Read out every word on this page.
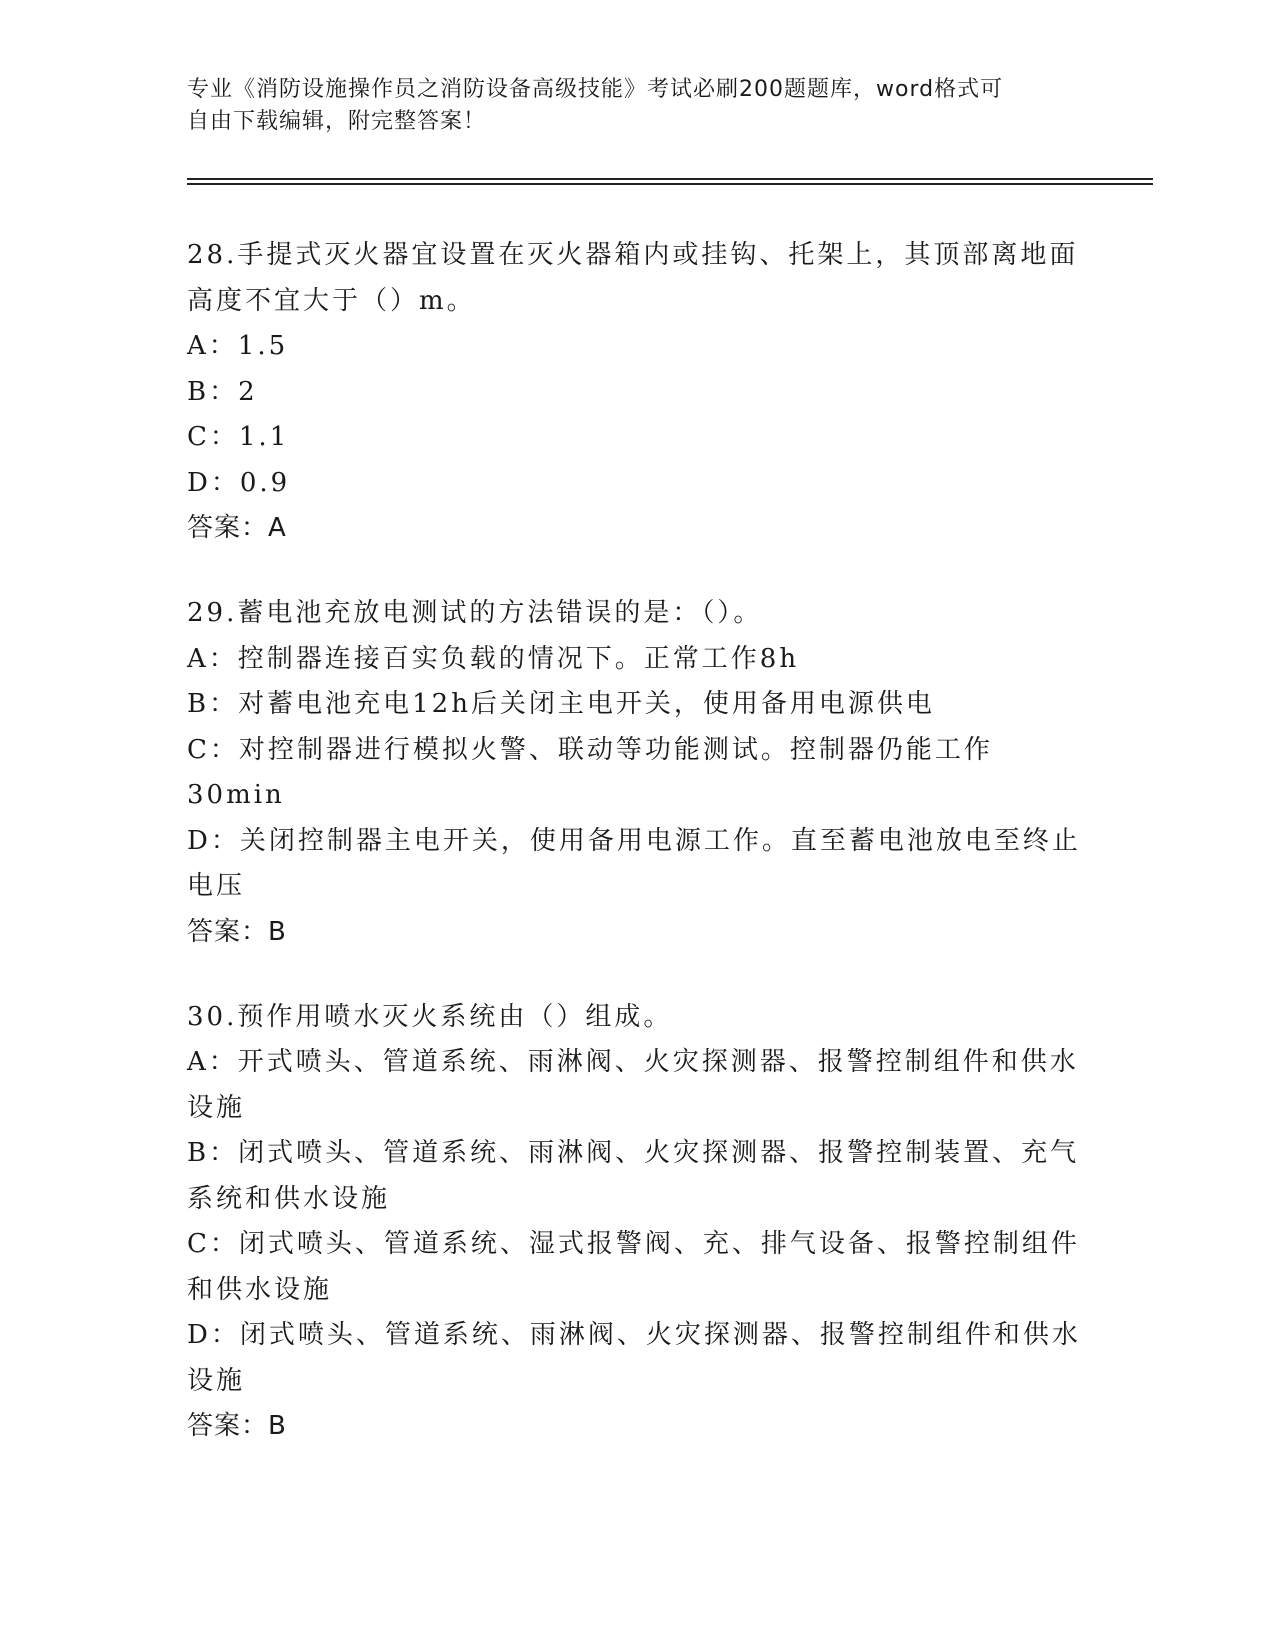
专业《消防设施操作员之消防设备高级技能》考试必刷200题题库，word格式可
自由下载编辑，附完整答案！
28.手提式灭火器宜设置在灭火器箱内或挂钩、托架上，其顶部离地面
高度不宜大于（）m。
A：1.5
B：2
C：1.1
D：0.9
答案：A
29.蓄电池充放电测试的方法错误的是：（）。
A：控制器连接百实负载的情况下。正常工作8h
B：对蓄电池充电12h后关闭主电开关，使用备用电源供电
C：对控制器进行模拟火警、联动等功能测试。控制器仍能工作30min
D：关闭控制器主电开关，使用备用电源工作。直至蓄电池放电至终止
电压
答案：B
30.预作用喷水灭火系统由（）组成。
A：开式喷头、管道系统、雨淋阀、火灾探测器、报警控制组件和供水
设施
B：闭式喷头、管道系统、雨淋阀、火灾探测器、报警控制装置、充气
系统和供水设施
C：闭式喷头、管道系统、湿式报警阀、充、排气设备、报警控制组件
和供水设施
D：闭式喷头、管道系统、雨淋阀、火灾探测器、报警控制组件和供水
设施
答案：B
